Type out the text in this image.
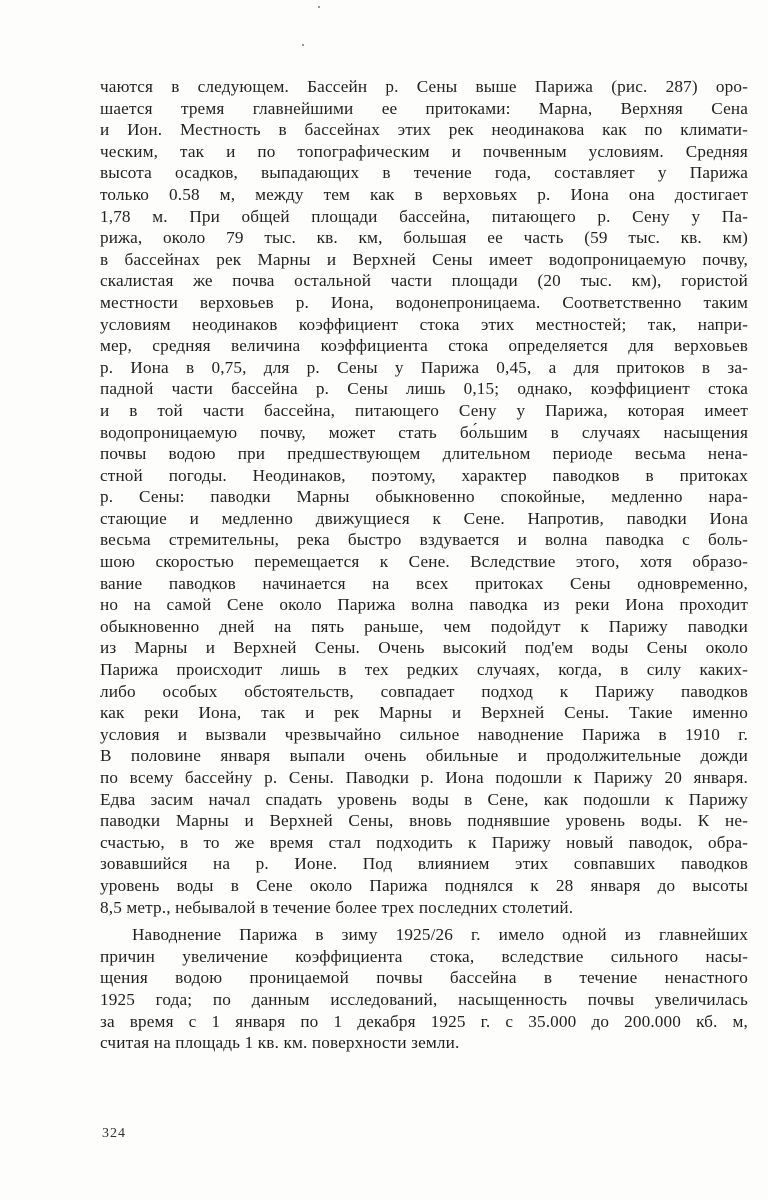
чаются в следующем. Бассейн р. Сены выше Парижа (рис. 287) оро-
шается тремя главнейшими ее притоками: Марна, Верхняя Сена
и Ион. Местность в бассейнах этих рек неодинакова как по климати-
ческим, так и по топографическим и почвенным условиям. Средняя
высота осадков, выпадающих в течение года, составляет у Парижа
только 0.58 м, между тем как в верховьях р. Иона она достигает
1,78 м. При общей площади бассейна, питающего р. Сену у Па-
рижа, около 79 тыс. кв. км, большая ее часть (59 тыс. кв. км)
в бассейнах рек Марны и Верхней Сены имеет водопроницаемую почву,
скалистая же почва остальной части площади (20 тыс. км), гористой
местности верховьев р. Иона, водонепроницаема. Соответственно таким
условиям неодинаков коэффициент стока этих местностей; так, напри-
мер, средняя величина коэффициента стока определяется для верховьев
р. Иона в 0,75, для р. Сены у Парижа 0,45, а для притоков в за-
падной части бассейна р. Сены лишь 0,15; однако, коэффициент стока
и в той части бассейна, питающего Сену у Парижа, которая имеет
водопроницаемую почву, может стать бо́льшим в случаях насыщения
почвы водою при предшествующем длительном периоде весьма нена-
стной погоды. Неодинаков, поэтому, характер паводков в притоках
р. Сены: паводки Марны обыкновенно спокойные, медленно нара-
стающие и медленно движущиеся к Сене. Напротив, паводки Иона
весьма стремительны, река быстро вздувается и волна паводка с боль-
шою скоростью перемещается к Сене. Вследствие этого, хотя образо-
вание паводков начинается на всех притоках Сены одновременно,
но на самой Сене около Парижа волна паводка из реки Иона проходит
обыкновенно дней на пять раньше, чем подойдут к Парижу паводки
из Марны и Верхней Сены. Очень высокий под'ем воды Сены около
Парижа происходит лишь в тех редких случаях, когда, в силу каких-
либо особых обстоятельств, совпадает подход к Парижу паводков
как реки Иона, так и рек Марны и Верхней Сены. Такие именно
условия и вызвали чрезвычайно сильное наводнение Парижа в 1910 г.
В половине января выпали очень обильные и продолжительные дожди
по всему бассейну р. Сены. Паводки р. Иона подошли к Парижу 20 января.
Едва засим начал спадать уровень воды в Сене, как подошли к Парижу
паводки Марны и Верхней Сены, вновь поднявшие уровень воды. К не-
счастью, в то же время стал подходить к Парижу новый паводок, обра-
зовавшийся на р. Ионе. Под влиянием этих совпавших паводков
уровень воды в Сене около Парижа поднялся к 28 января до высоты
8,5 метр., небывалой в течение более трех последних столетий.
Наводнение Парижа в зиму 1925/26 г. имело одной из главнейших
причин увеличение коэффициента стока, вследствие сильного насы-
щения водою проницаемой почвы бассейна в течение ненастного
1925 года; по данным исследований, насыщенность почвы увеличилась
за время с 1 января по 1 декабря 1925 г. с 35.000 до 200.000 кб. м,
считая на площадь 1 кв. км. поверхности земли.
324
